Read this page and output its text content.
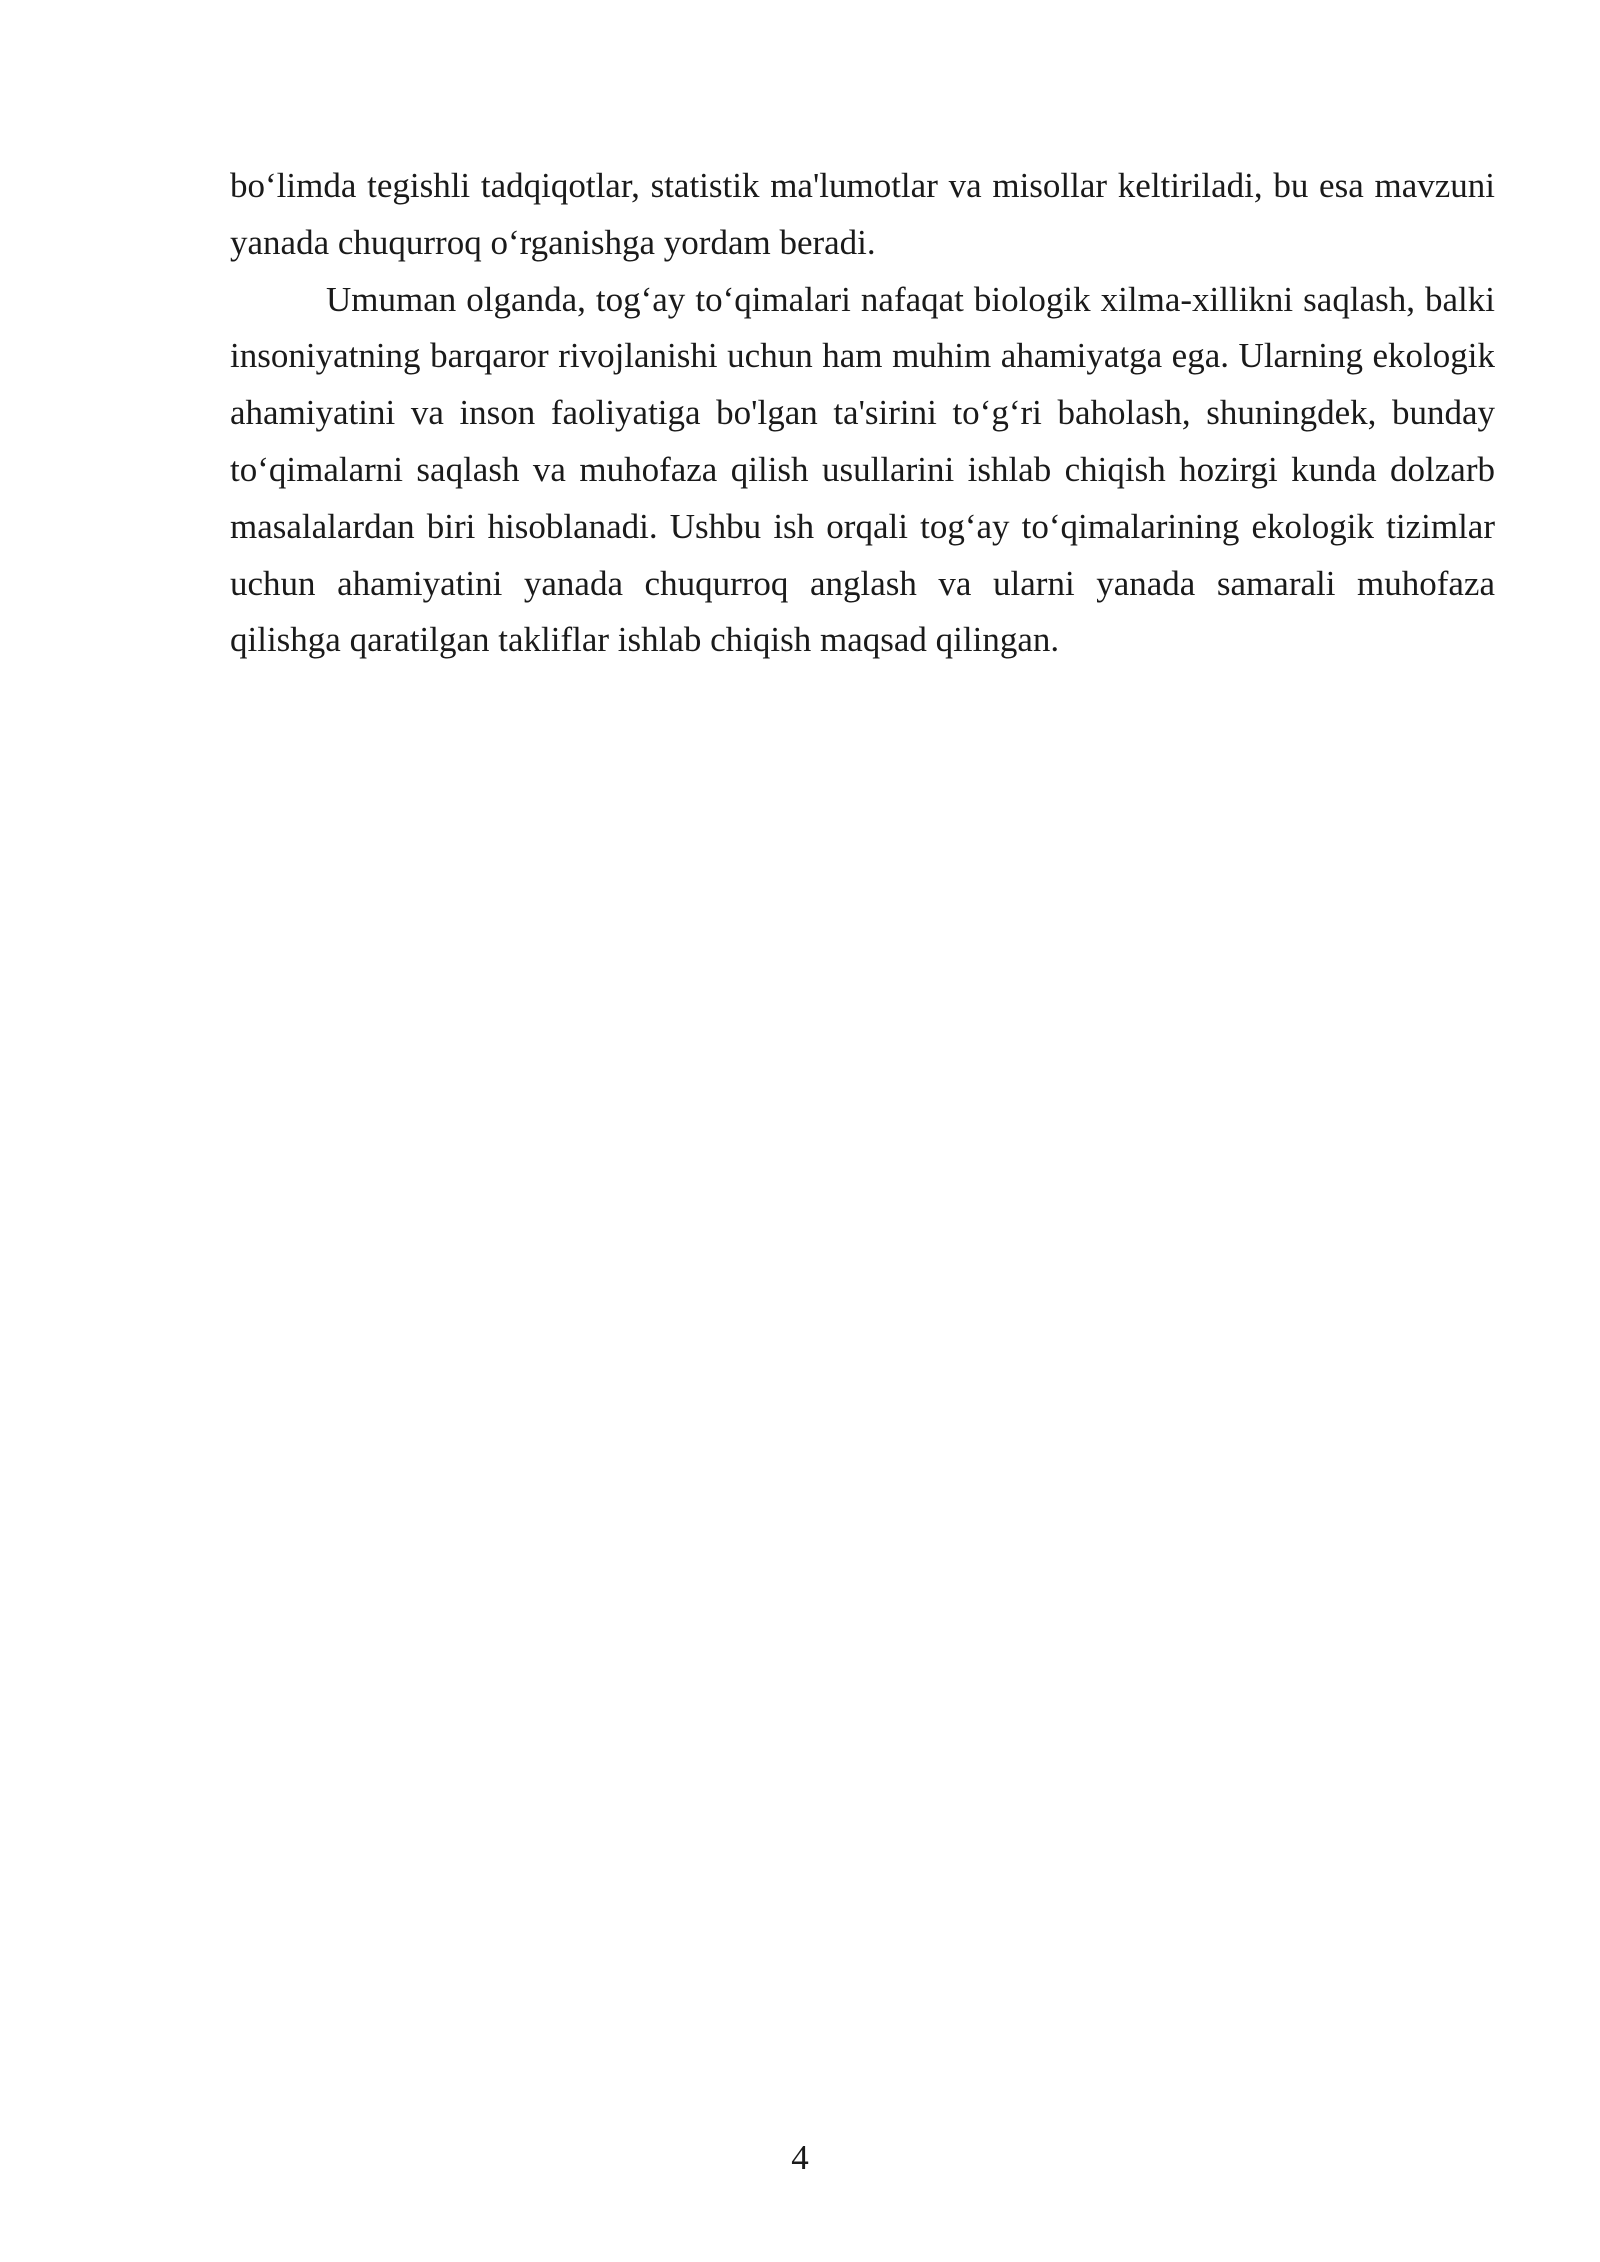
bo‘limda tegishli tadqiqotlar, statistik ma'lumotlar va misollar keltiriladi, bu esa mavzuni yanada chuqurroq o‘rganishga yordam beradi.

Umuman olganda, tog‘ay to‘qimalari nafaqat biologik xilma-xillikni saqlash, balki insoniyatning barqaror rivojlanishi uchun ham muhim ahamiyatga ega. Ularning ekologik ahamiyatini va inson faoliyatiga bo'lgan ta'sirini to‘g‘ri baholash, shuningdek, bunday to‘qimalarni saqlash va muhofaza qilish usullarini ishlab chiqish hozirgi kunda dolzarb masalalardan biri hisoblanadi. Ushbu ish orqali tog‘ay to‘qimalarining ekologik tizimlar uchun ahamiyatini yanada chuqurroq anglash va ularni yanada samarali muhofaza qilishga qaratilgan takliflar ishlab chiqish maqsad qilingan.

4
